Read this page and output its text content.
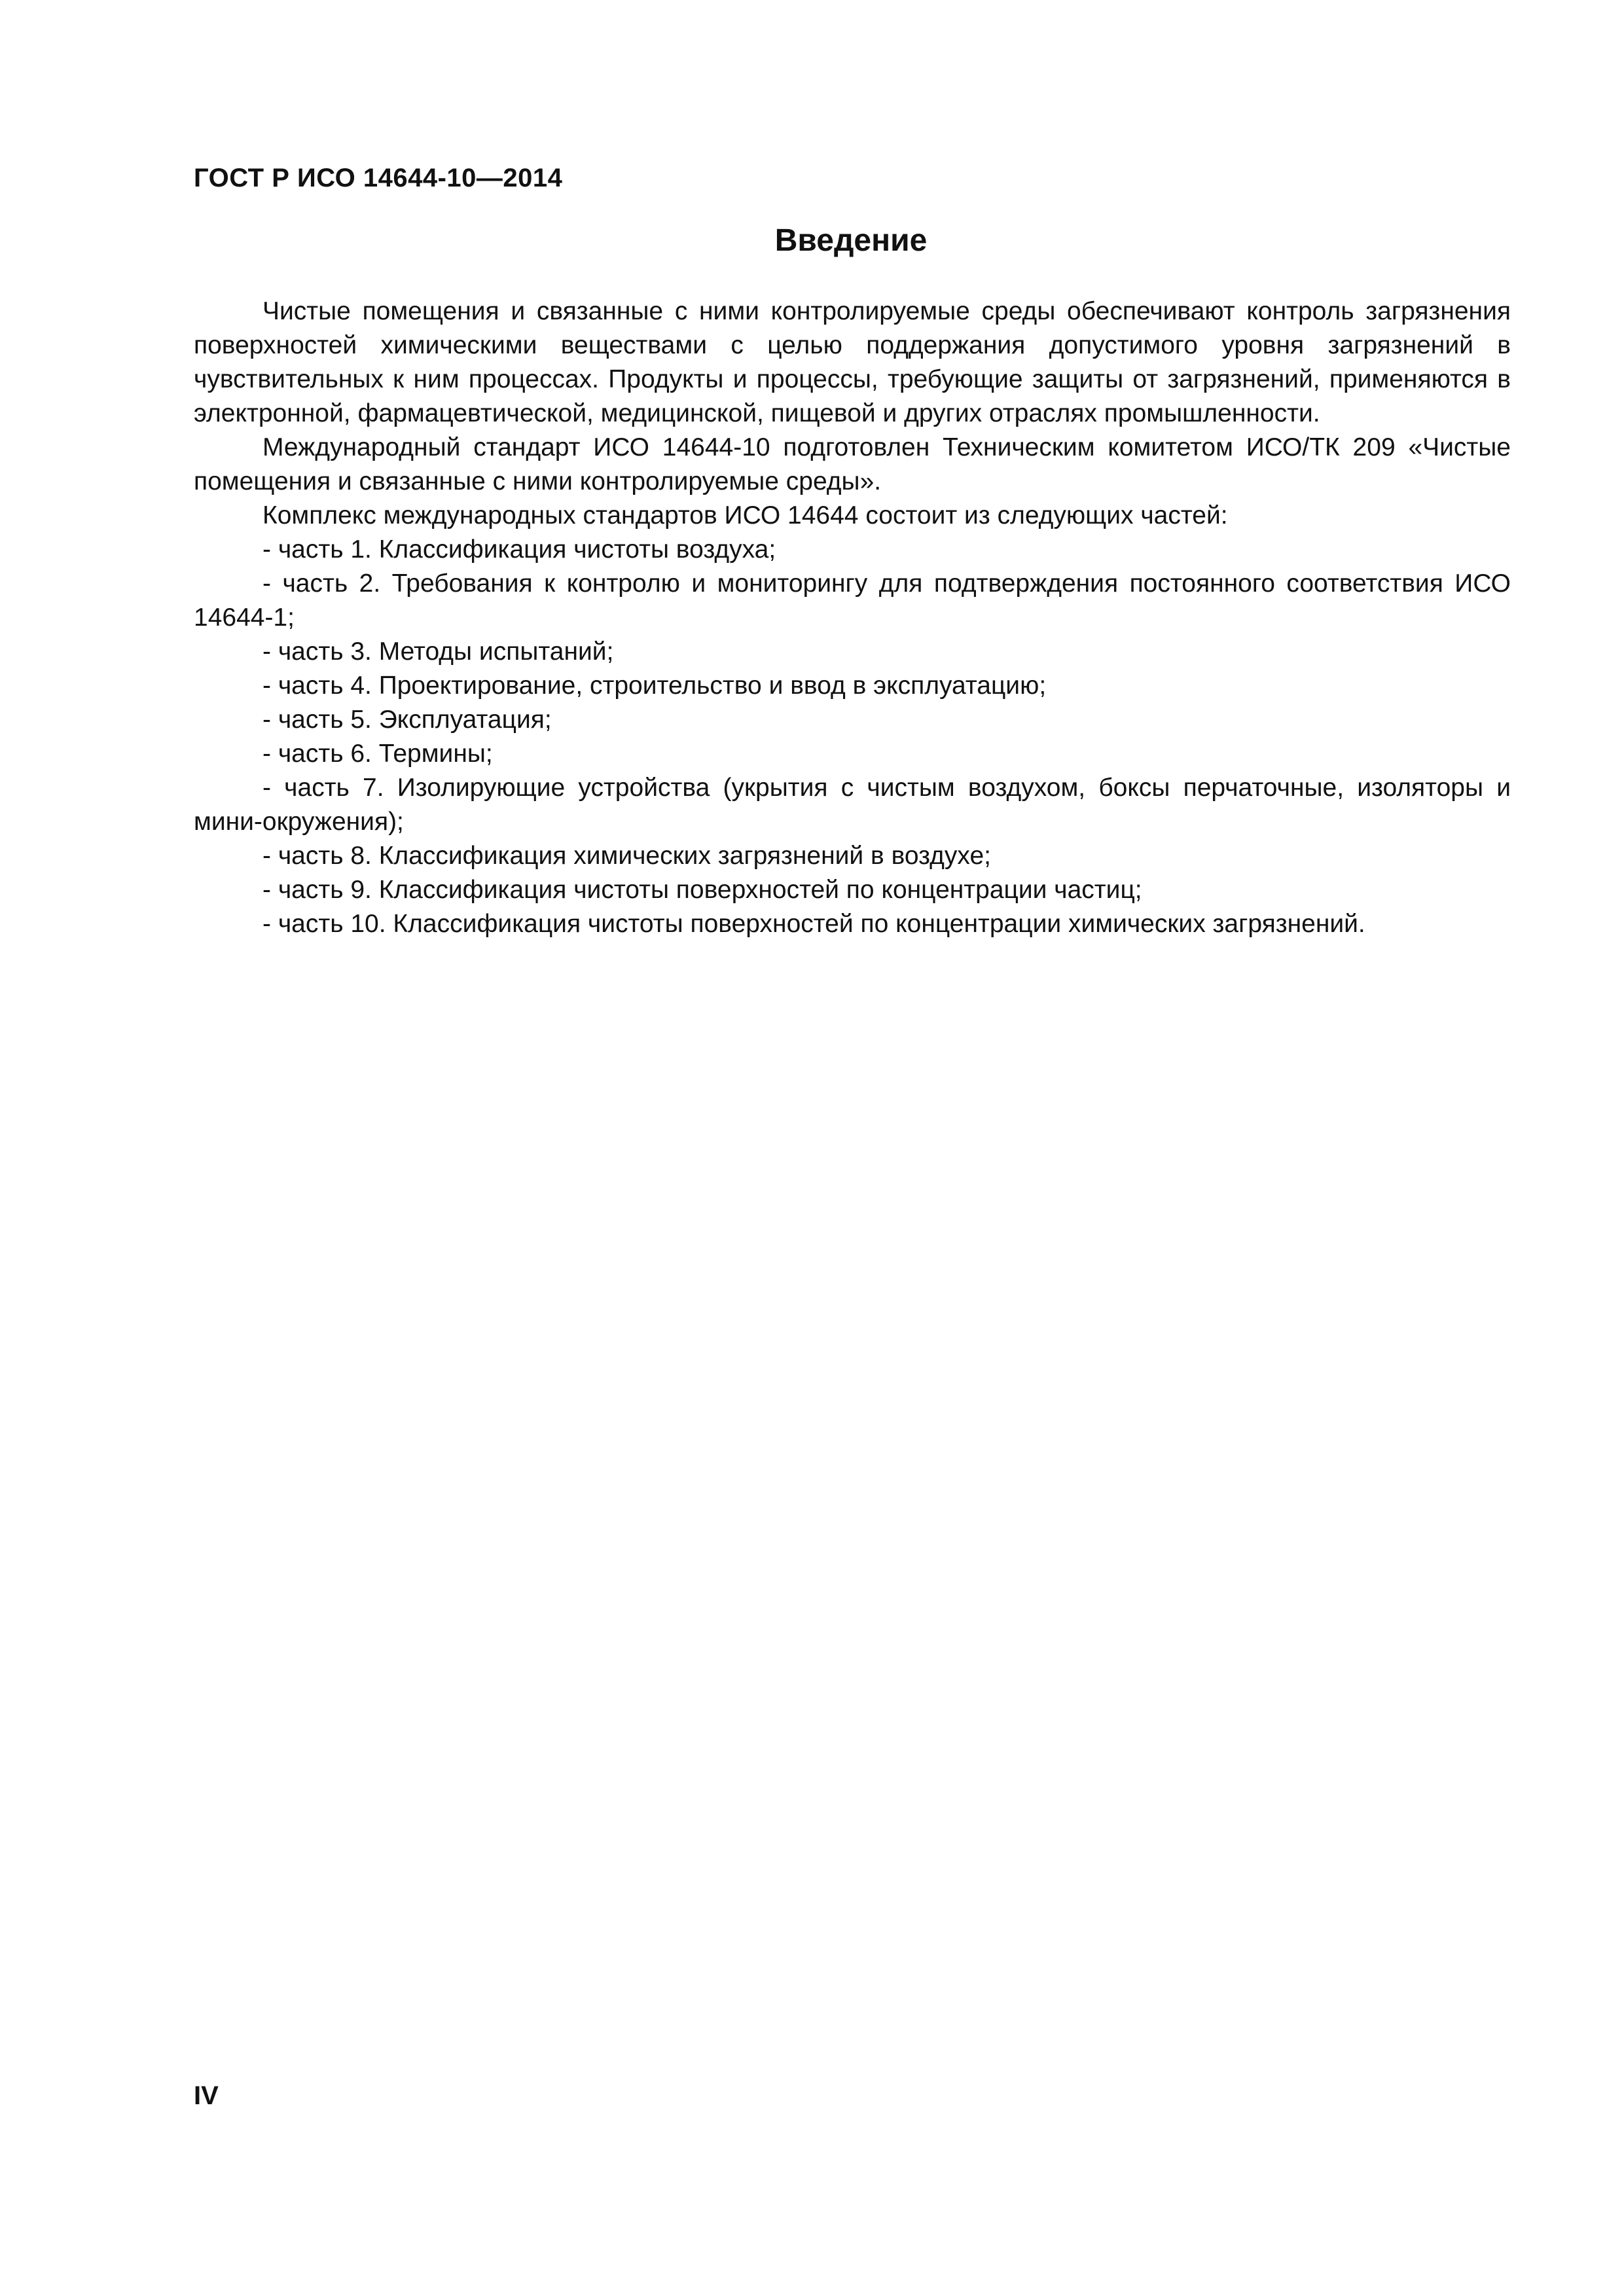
ГОСТ Р ИСО 14644-10—2014
Введение

Чистые помещения и связанные с ними контролируемые среды обеспечивают контроль загрязнения поверхностей химическими веществами с целью поддержания допустимого уровня загрязнений в чувствительных к ним процессах. Продукты и процессы, требующие защиты от загрязнений, применяются в электронной, фармацевтической, медицинской, пищевой и других отраслях промышленности.

Международный стандарт ИСО 14644-10 подготовлен Техническим комитетом ИСО/ТК 209 «Чистые помещения и связанные с ними контролируемые среды».

Комплекс международных стандартов ИСО 14644 состоит из следующих частей:

- часть 1. Классификация чистоты воздуха;

- часть 2. Требования к контролю и мониторингу для подтверждения постоянного соответствия ИСО 14644-1;

- часть 3. Методы испытаний;

- часть 4. Проектирование, строительство и ввод в эксплуатацию;

- часть 5. Эксплуатация;

- часть 6. Термины;

- часть 7. Изолирующие устройства (укрытия с чистым воздухом, боксы перчаточные, изоляторы и мини-окружения);

- часть 8. Классификация химических загрязнений в воздухе;

- часть 9. Классификация чистоты поверхностей по концентрации частиц;

- часть 10. Классификация чистоты поверхностей по концентрации химических загрязнений.

IV
